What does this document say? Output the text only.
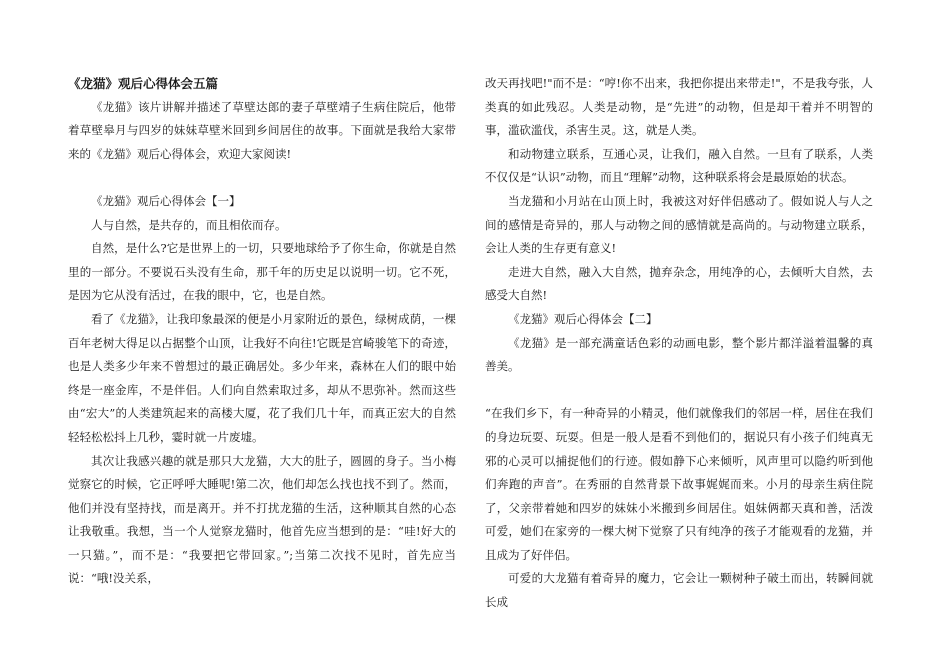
《龙猫》观后心得体会五篇

《龙猫》该片讲解并描述了草壁达郎的妻子草壁靖子生病住院后，他带着草壁皋月与四岁的妹妹草壁米回到乡间居住的故事。下面就是我给大家带来的《龙猫》观后心得体会，欢迎大家阅读!

《龙猫》观后心得体会【一】

人与自然，是共存的，而且相依而存。

自然，是什么?它是世界上的一切，只要地球给予了你生命，你就是自然里的一部分。不要说石头没有生命，那千年的历史足以说明一切。它不死，是因为它从没有活过，在我的眼中，它，也是自然。

看了《龙猫》，让我印象最深的便是小月家附近的景色，绿树成荫，一棵百年老树大得足以占据整个山顶，让我好不向往!它既是宫崎骏笔下的奇迹，也是人类多少年来不曾想过的最正确居处。多少年来，森林在人们的眼中始终是一座金库，不是伴侣。人们向自然索取过多，却从不思弥补。然而这些由“宏大”的人类建筑起来的高楼大厦，花了我们几十年，而真正宏大的自然轻轻松松抖上几秒，霎时就一片废墟。

其次让我感兴趣的就是那只大龙猫，大大的肚子，圆圆的身子。当小梅觉察它的时候，它正呼呼大睡呢!第二次，他们却怎么找也找不到了。然而，他们并没有坚持找，而是离开。并不打扰龙猫的生活，这种顺其自然的心态让我敬重。我想，当一个人觉察龙猫时，他首先应当想到的是：“哇!好大的一只猫。”，而不是：“我要把它带回家。”;当第二次找不见时，首先应当说：“哦!没关系，

改天再找吧!"而不是：“哼!你不出来，我把你提出来带走!"，不是我夸张，人类真的如此残忍。人类是动物，是“先进”的动物，但是却干着并不明智的事，滥砍滥伐，杀害生灵。这，就是人类。

和动物建立联系，互通心灵，让我们，融入自然。一旦有了联系，人类不仅仅是“认识”动物，而且“理解”动物，这种联系将会是最原始的状态。

当龙猫和小月站在山顶上时，我被这对好伴侣感动了。假如说人与人之间的感情是奇异的，那人与动物之间的感情就是高尚的。与动物建立联系，会让人类的生存更有意义!

走进大自然，融入大自然，抛弃杂念，用纯净的心，去倾听大自然，去感受大自然!

《龙猫》观后心得体会【二】

《龙猫》是一部充满童话色彩的动画电影，整个影片都洋溢着温馨的真善美。

“在我们乡下，有一种奇异的小精灵，他们就像我们的邻居一样，居住在我们的身边玩耍、玩耍。但是一般人是看不到他们的，据说只有小孩子们纯真无邪的心灵可以捕捉他们的行迹。假如静下心来倾听，风声里可以隐约听到他们奔跑的声音”。在秀丽的自然背景下故事娓娓而来。小月的母亲生病住院了，父亲带着她和四岁的妹妹小米搬到乡间居住。姐妹俩都天真和善，活泼可爱，她们在家旁的一棵大树下觉察了只有纯净的孩子才能观看的龙猫，并且成为了好伴侣。

可爱的大龙猫有着奇异的魔力，它会让一颗树种子破土而出，转瞬间就长成
